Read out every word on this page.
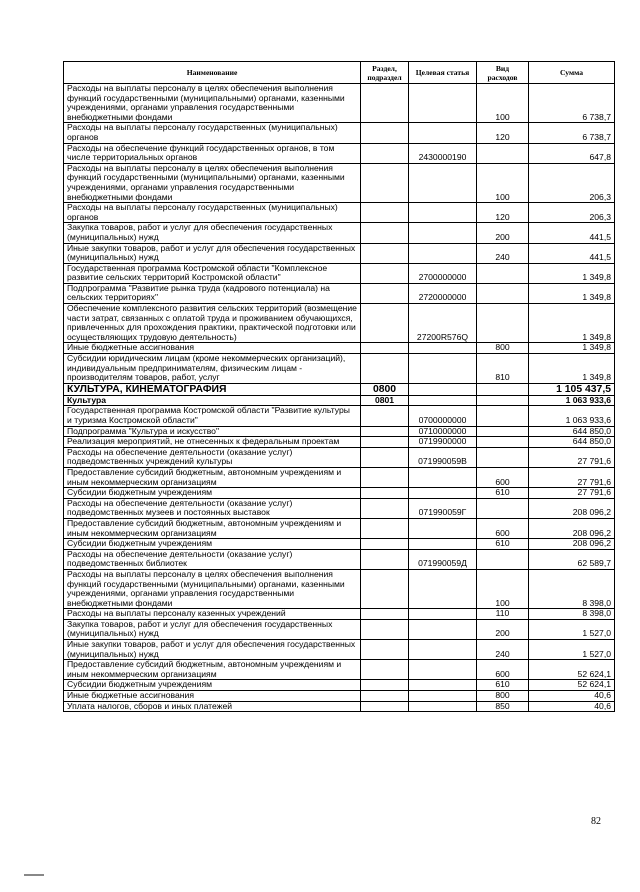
Наименование	Раздел, подраздел	Целевая статья	Вид расходов	Сумма
Расходы на выплаты персоналу в целях обеспечения выполнения функций государственными (муниципальными) органами, казенными учреждениями, органами управления государственными внебюджетными фондами			100	6 738,7
Расходы на выплаты персоналу государственных (муниципальных) органов			120	6 738,7
Расходы на обеспечение функций государственных органов, в том числе территориальных органов		2430000190		647,8
Расходы на выплаты персоналу в целях обеспечения выполнения функций государственными (муниципальными) органами, казенными учреждениями, органами управления государственными внебюджетными фондами			100	206,3
Расходы на выплаты персоналу государственных (муниципальных) органов			120	206,3
Закупка товаров, работ и услуг для обеспечения государственных (муниципальных) нужд			200	441,5
Иные закупки товаров, работ и услуг для обеспечения государственных (муниципальных) нужд			240	441,5
Государственная программа Костромской области "Комплексное развитие сельских территорий Костромской области"		2700000000		1 349,8
Подпрограмма "Развитие рынка труда (кадрового потенциала) на сельских территориях"		2720000000		1 349,8
Обеспечение комплексного развития сельских территорий (возмещение части затрат, связанных с оплатой труда и проживанием обучающихся, привлеченных для прохождения практики, практической подготовки или осуществляющих трудовую деятельность)		27200R576Q		1 349,8
Иные бюджетные ассигнования			800	1 349,8
Субсидии юридическим лицам (кроме некоммерческих организаций), индивидуальным предпринимателям, физическим лицам - производителям товаров, работ, услуг			810	1 349,8
КУЛЬТУРА, КИНЕМАТОГРАФИЯ	0800			1 105 437,5
Культура	0801			1 063 933,6
Государственная программа Костромской области "Развитие культуры и туризма Костромской области"		0700000000		1 063 933,6
Подпрограмма "Культура и искусство"		0710000000		644 850,0
Реализация мероприятий, не отнесенных к федеральным проектам		0719900000		644 850,0
Расходы на обеспечение деятельности (оказание услуг) подведомственных учреждений культуры		071990059В		27 791,6
Предоставление субсидий бюджетным, автономным учреждениям и иным некоммерческим организациям			600	27 791,6
Субсидии бюджетным учреждениям			610	27 791,6
Расходы на обеспечение деятельности (оказание услуг) подведомственных музеев и постоянных выставок		071990059Г		208 096,2
Предоставление субсидий бюджетным, автономным учреждениям и иным некоммерческим организациям			600	208 096,2
Субсидии бюджетным учреждениям			610	208 096,2
Расходы на обеспечение деятельности (оказание услуг) подведомственных библиотек		071990059Д		62 589,7
Расходы на выплаты персоналу в целях обеспечения выполнения функций государственными (муниципальными) органами, казенными учреждениями, органами управления государственными внебюджетными фондами			100	8 398,0
Расходы на выплаты персоналу казенных учреждений			110	8 398,0
Закупка товаров, работ и услуг для обеспечения государственных (муниципальных) нужд			200	1 527,0
Иные закупки товаров, работ и услуг для обеспечения государственных (муниципальных) нужд			240	1 527,0
Предоставление субсидий бюджетным, автономным учреждениям и иным некоммерческим организациям			600	52 624,1
Субсидии бюджетным учреждениям			610	52 624,1
Иные бюджетные ассигнования			800	40,6
Уплата налогов, сборов и иных платежей			850	40,6
82
